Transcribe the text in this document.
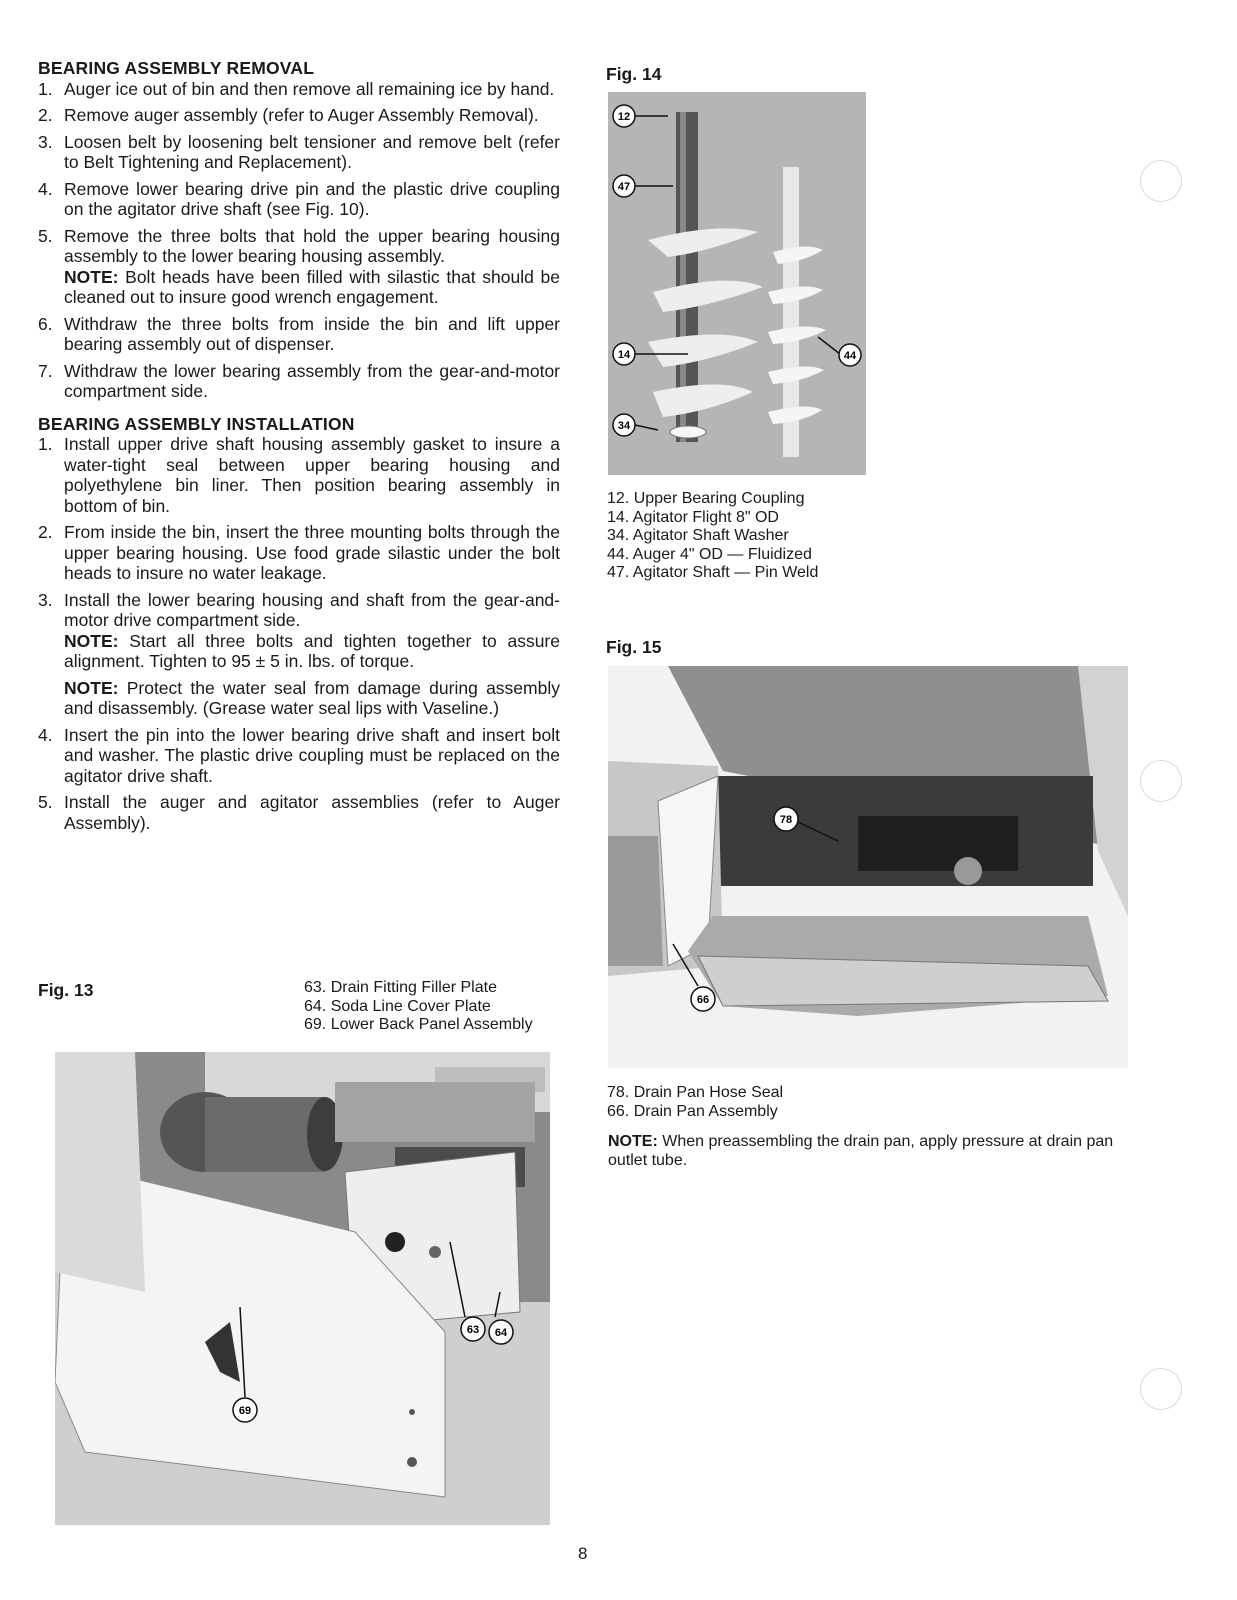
BEARING ASSEMBLY REMOVAL

1. Auger ice out of bin and then remove all remaining ice by hand.
2. Remove auger assembly (refer to Auger Assembly Removal).
3. Loosen belt by loosening belt tensioner and remove belt (refer to Belt Tightening and Replacement).
4. Remove lower bearing drive pin and the plastic drive coupling on the agitator drive shaft (see Fig. 10).
5. Remove the three bolts that hold the upper bearing housing assembly to the lower bearing housing assembly.
NOTE: Bolt heads have been filled with silastic that should be cleaned out to insure good wrench engagement.
6. Withdraw the three bolts from inside the bin and lift upper bearing assembly out of dispenser.
7. Withdraw the lower bearing assembly from the gear-and-motor compartment side.

BEARING ASSEMBLY INSTALLATION

1. Install upper drive shaft housing assembly gasket to insure a water-tight seal between upper bearing housing and polyethylene bin liner. Then position bearing assembly in bottom of bin.
2. From inside the bin, insert the three mounting bolts through the upper bearing housing. Use food grade silastic under the bolt heads to insure no water leakage.
3. Install the lower bearing housing and shaft from the gear-and-motor drive compartment side.
NOTE: Start all three bolts and tighten together to assure alignment. Tighten to 95 ± 5 in. lbs. of torque.
NOTE: Protect the water seal from damage during assembly and disassembly. (Grease water seal lips with Vaseline.)
4. Insert the pin into the lower bearing drive shaft and insert bolt and washer. The plastic drive coupling must be replaced on the agitator drive shaft.
5. Install the auger and agitator assemblies (refer to Auger Assembly).
Fig. 13	63. Drain Fitting Filler Plate
64. Soda Line Cover Plate
69. Lower Back Panel Assembly
63 64
69
Fig. 14
12
47
14
34
44
12. Upper Bearing Coupling
14. Agitator Flight 8" OD
34. Agitator Shaft Washer
44. Auger 4" OD — Fluidized
47. Agitator Shaft — Pin Weld
Fig. 15
78
66
78. Drain Pan Hose Seal
66. Drain Pan Assembly
NOTE: When preassembling the drain pan, apply pressure at drain pan outlet tube.
8
